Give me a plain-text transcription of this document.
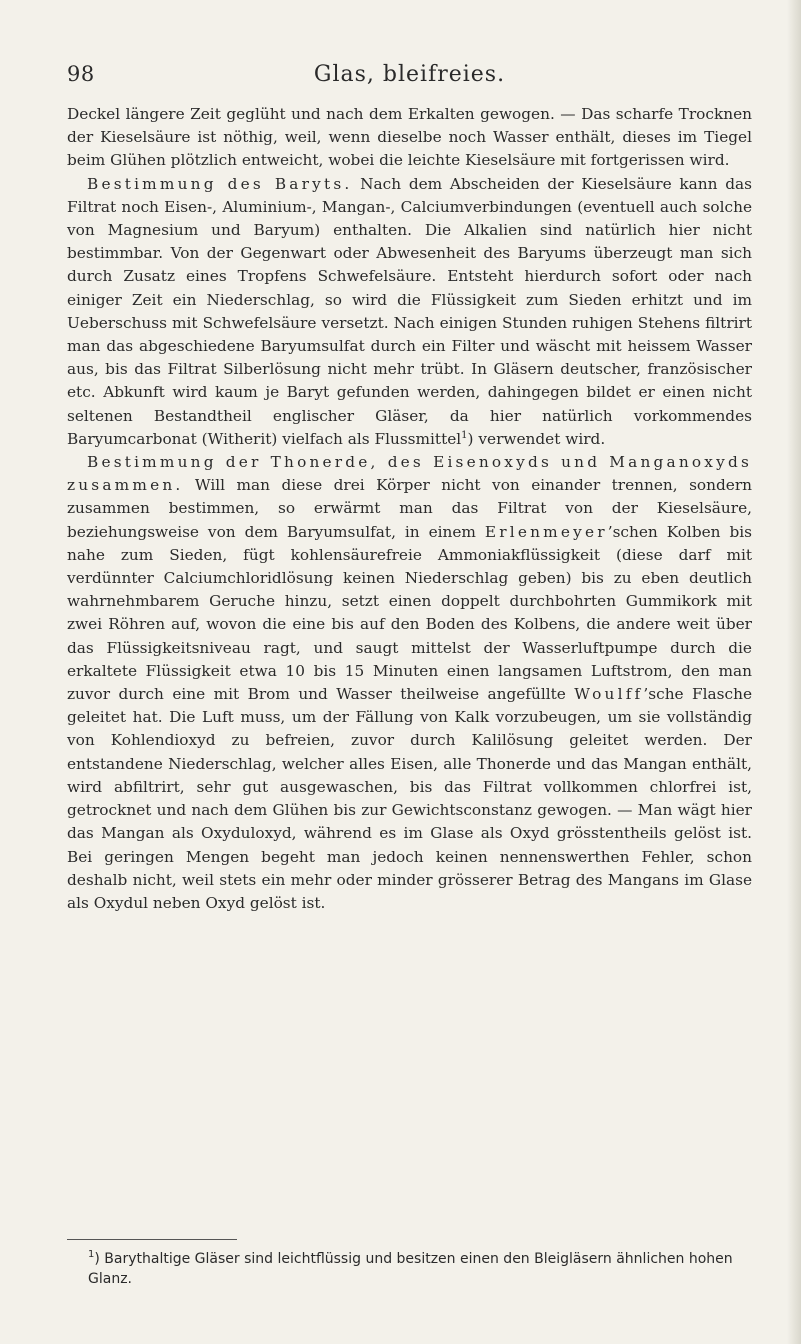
98	Glas, bleifreies.

Deckel längere Zeit geglüht und nach dem Erkalten gewogen. — Das scharfe Trocknen der Kieselsäure ist nöthig, weil, wenn dieselbe noch Wasser enthält, dieses im Tiegel beim Glühen plötzlich entweicht, wobei die leichte Kieselsäure mit fortgerissen wird.

Bestimmung des Baryts. Nach dem Abscheiden der Kieselsäure kann das Filtrat noch Eisen-, Aluminium-, Mangan-, Calciumverbindungen (eventuell auch solche von Magnesium und Baryum) enthalten. Die Alkalien sind natürlich hier nicht bestimmbar. Von der Gegenwart oder Abwesenheit des Baryums überzeugt man sich durch Zusatz eines Tropfens Schwefelsäure. Entsteht hierdurch sofort oder nach einiger Zeit ein Niederschlag, so wird die Flüssigkeit zum Sieden erhitzt und im Ueberschuss mit Schwefelsäure versetzt. Nach einigen Stunden ruhigen Stehens filtrirt man das abgeschiedene Baryumsulfat durch ein Filter und wäscht mit heissem Wasser aus, bis das Filtrat Silberlösung nicht mehr trübt. In Gläsern deutscher, französischer etc. Abkunft wird kaum je Baryt gefunden werden, dahingegen bildet er einen nicht seltenen Bestandtheil englischer Gläser, da hier natürlich vorkommendes Baryumcarbonat (Witherit) vielfach als Flussmittel$^1$) verwendet wird.

Bestimmung der Thonerde, des Eisenoxyds und Manganoxyds zusammen. Will man diese drei Körper nicht von einander trennen, sondern zusammen bestimmen, so erwärmt man das Filtrat von der Kieselsäure, beziehungsweise von dem Baryumsulfat, in einem Erlenmeyer’schen Kolben bis nahe zum Sieden, fügt kohlensäurefreie Ammoniakflüssigkeit (diese darf mit verdünnter Calciumchloridlösung keinen Niederschlag geben) bis zu eben deutlich wahrnehmbarem Geruche hinzu, setzt einen doppelt durchbohrten Gummikork mit zwei Röhren auf, wovon die eine bis auf den Boden des Kolbens, die andere weit über das Flüssigkeitsniveau ragt, und saugt mittelst der Wasserluftpumpe durch die erkaltete Flüssigkeit etwa 10 bis 15 Minuten einen langsamen Luftstrom, den man zuvor durch eine mit Brom und Wasser theilweise angefüllte Woulff’sche Flasche geleitet hat. Die Luft muss, um der Fällung von Kalk vorzubeugen, um sie vollständig von Kohlendioxyd zu befreien, zuvor durch Kalilösung geleitet werden. Der entstandene Niederschlag, welcher alles Eisen, alle Thonerde und das Mangan enthält, wird abfiltrirt, sehr gut ausgewaschen, bis das Filtrat vollkommen chlorfrei ist, getrocknet und nach dem Glühen bis zur Gewichtsconstanz gewogen. — Man wägt hier das Mangan als Oxyduloxyd, während es im Glase als Oxyd grösstentheils gelöst ist. Bei geringen Mengen begeht man jedoch keinen nennenswerthen Fehler, schon deshalb nicht, weil stets ein mehr oder minder grösserer Betrag des Mangans im Glase als Oxydul neben Oxyd gelöst ist.

$^1$) Barythaltige Gläser sind leichtflüssig und besitzen einen den Bleigläsern ähnlichen hohen Glanz.
